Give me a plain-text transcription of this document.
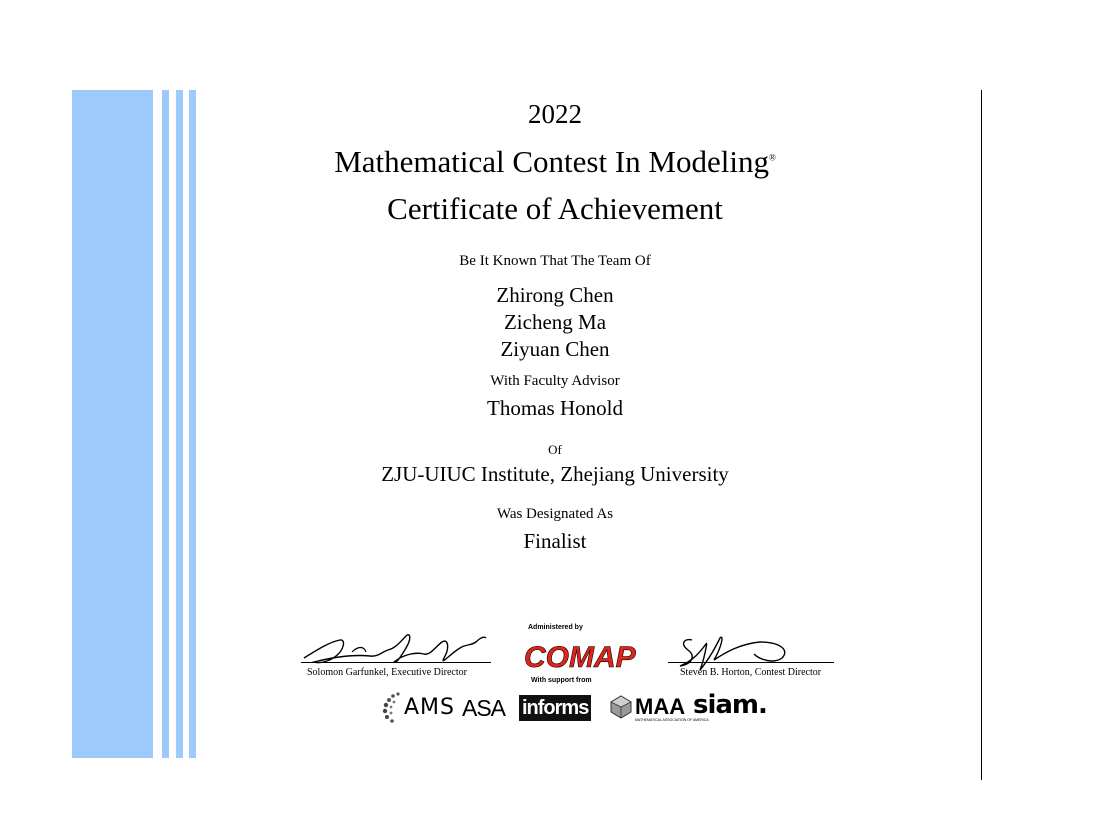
2022
Mathematical Contest In Modeling®
Certificate of Achievement
Be It Known That The Team Of
Zhirong Chen
Zicheng Ma
Ziyuan Chen
With Faculty Advisor
Thomas Honold
Of
ZJU-UIUC Institute, Zhejiang University
Was Designated As
Finalist
Solomon Garfunkel, Executive Director	Steven B. Horton, Contest Director
Administered by
COMAP
With support from
AMS ASA informs MAA
MATHEMATICAL ASSOCIATION OF AMERICA
siam.
